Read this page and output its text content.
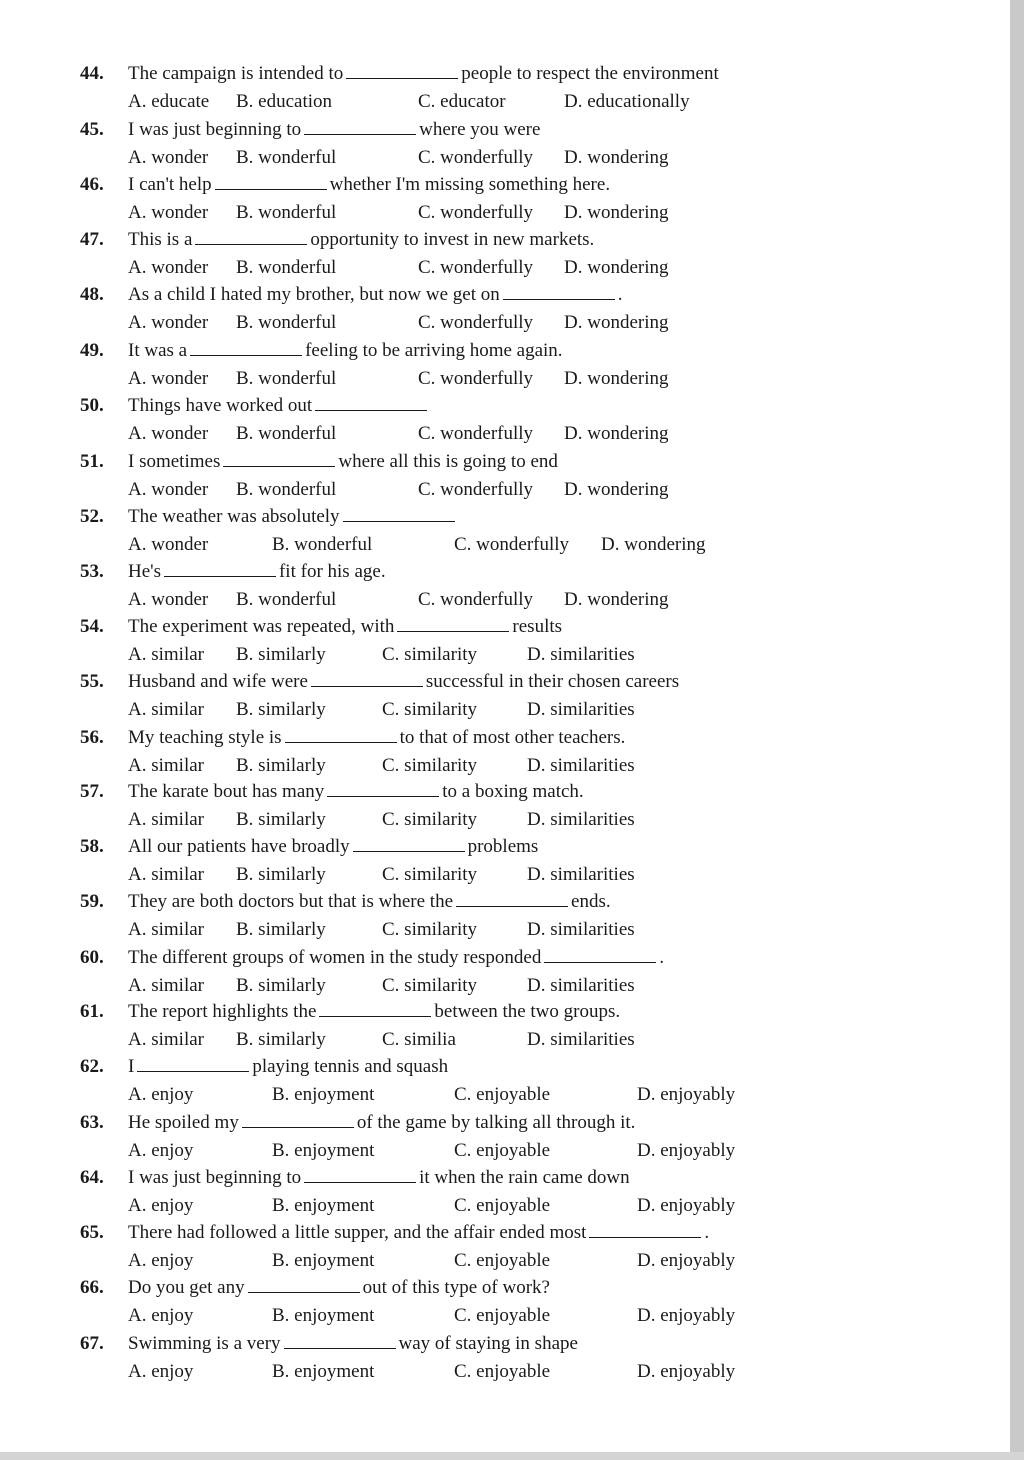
44. The campaign is intended to	people to respect the environment
A. educate B. education	C. educator	D. educationally
45. I was just beginning to	where you were
A. wonder B. wonderful	C. wonderfully D. wondering
46. I can't help	whether I'm missing something here.
A. wonder B. wonderful	C. wonderfully D. wondering
47. This is a	opportunity to invest in new markets.
A. wonder B. wonderful	C. wonderfully D. wondering
48. As a child I hated my brother, but now we get on	.
A. wonder B. wonderful	C. wonderfully D. wondering
49. It was a	feeling to be arriving home again.
A. wonder B. wonderful	C. wonderfully D. wondering
50. Things have worked out
A. wonder B. wonderful	C. wonderfully D. wondering
51. I sometimes	where all this is going to end
A. wonder B. wonderful	C. wonderfully D. wondering
52. The weather was absolutely
A. wonder	B. wonderful	C. wonderfully D. wondering
53. He's	fit for his age.
A. wonder B. wonderful	C. wonderfully D. wondering
54. The experiment was repeated, with	results
A. similar B. similarly	C. similarity	D. similarities
55. Husband and wife were	successful in their chosen careers
A. similar B. similarly	C. similarity	D. similarities
56. My teaching style is	to that of most other teachers.
A. similar B. similarly	C. similarity	D. similarities
57. The karate bout has many	to a boxing match.
A. similar B. similarly	C. similarity	D. similarities
58. All our patients have broadly	problems
A. similar B. similarly	C. similarity	D. similarities
59. They are both doctors but that is where the	ends.
A. similar B. similarly	C. similarity	D. similarities
60. The different groups of women in the study responded	.
A. similar B. similarly	C. similarity	D. similarities
61. The report highlights the	between the two groups.
A. similar B. similarly	C. similia	D. similarities
62. I	playing tennis and squash
A. enjoy	B. enjoyment	C. enjoyable	D. enjoyably
63. He spoiled my	of the game by talking all through it.
A. enjoy	B. enjoyment	C. enjoyable	D. enjoyably
64. I was just beginning to	it when the rain came down
A. enjoy	B. enjoyment	C. enjoyable	D. enjoyably
65. There had followed a little supper, and the affair ended most	.
A. enjoy	B. enjoyment	C. enjoyable	D. enjoyably
66. Do you get any	out of this type of work?
A. enjoy	B. enjoyment	C. enjoyable	D. enjoyably
67. Swimming is a very	way of staying in shape
A. enjoy	B. enjoyment	C. enjoyable	D. enjoyably
